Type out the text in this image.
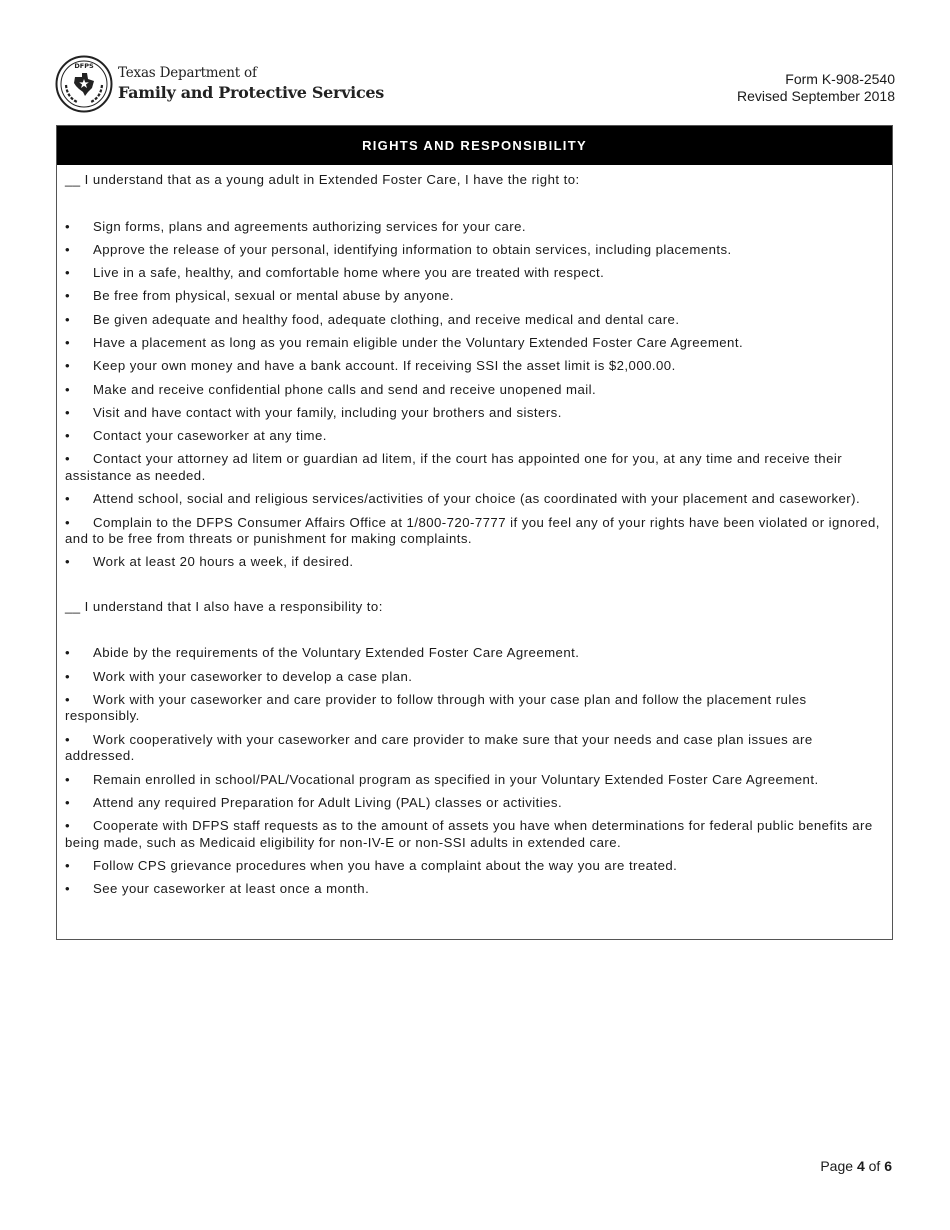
DFPS Texas Department of
Family and Protective Services
Form K-908-2540
Revised September 2018
RIGHTS AND RESPONSIBILITY
__ I understand that as a young adult in Extended Foster Care, I have the right to:
• Sign forms, plans and agreements authorizing services for your care.
• Approve the release of your personal, identifying information to obtain services, including placements.
• Live in a safe, healthy, and comfortable home where you are treated with respect.
• Be free from physical, sexual or mental abuse by anyone.
• Be given adequate and healthy food, adequate clothing, and receive medical and dental care.
• Have a placement as long as you remain eligible under the Voluntary Extended Foster Care Agreement.
• Keep your own money and have a bank account. If receiving SSI the asset limit is $2,000.00.
• Make and receive confidential phone calls and send and receive unopened mail.
• Visit and have contact with your family, including your brothers and sisters.
• Contact your caseworker at any time.
• Contact your attorney ad litem or guardian ad litem, if the court has appointed one for you, at any time and receive their assistance as needed.
• Attend school, social and religious services/activities of your choice (as coordinated with your placement and caseworker).
• Complain to the DFPS Consumer Affairs Office at 1/800-720-7777 if you feel any of your rights have been violated or ignored, and to be free from threats or punishment for making complaints.
• Work at least 20 hours a week, if desired.
__ I understand that I also have a responsibility to:
• Abide by the requirements of the Voluntary Extended Foster Care Agreement.
• Work with your caseworker to develop a case plan.
• Work with your caseworker and care provider to follow through with your case plan and follow the placement rules responsibly.
• Work cooperatively with your caseworker and care provider to make sure that your needs and case plan issues are addressed.
• Remain enrolled in school/PAL/Vocational program as specified in your Voluntary Extended Foster Care Agreement.
• Attend any required Preparation for Adult Living (PAL) classes or activities.
• Cooperate with DFPS staff requests as to the amount of assets you have when determinations for federal public benefits are being made, such as Medicaid eligibility for non-IV-E or non-SSI adults in extended care.
• Follow CPS grievance procedures when you have a complaint about the way you are treated.
• See your caseworker at least once a month.
Page 4 of 6
